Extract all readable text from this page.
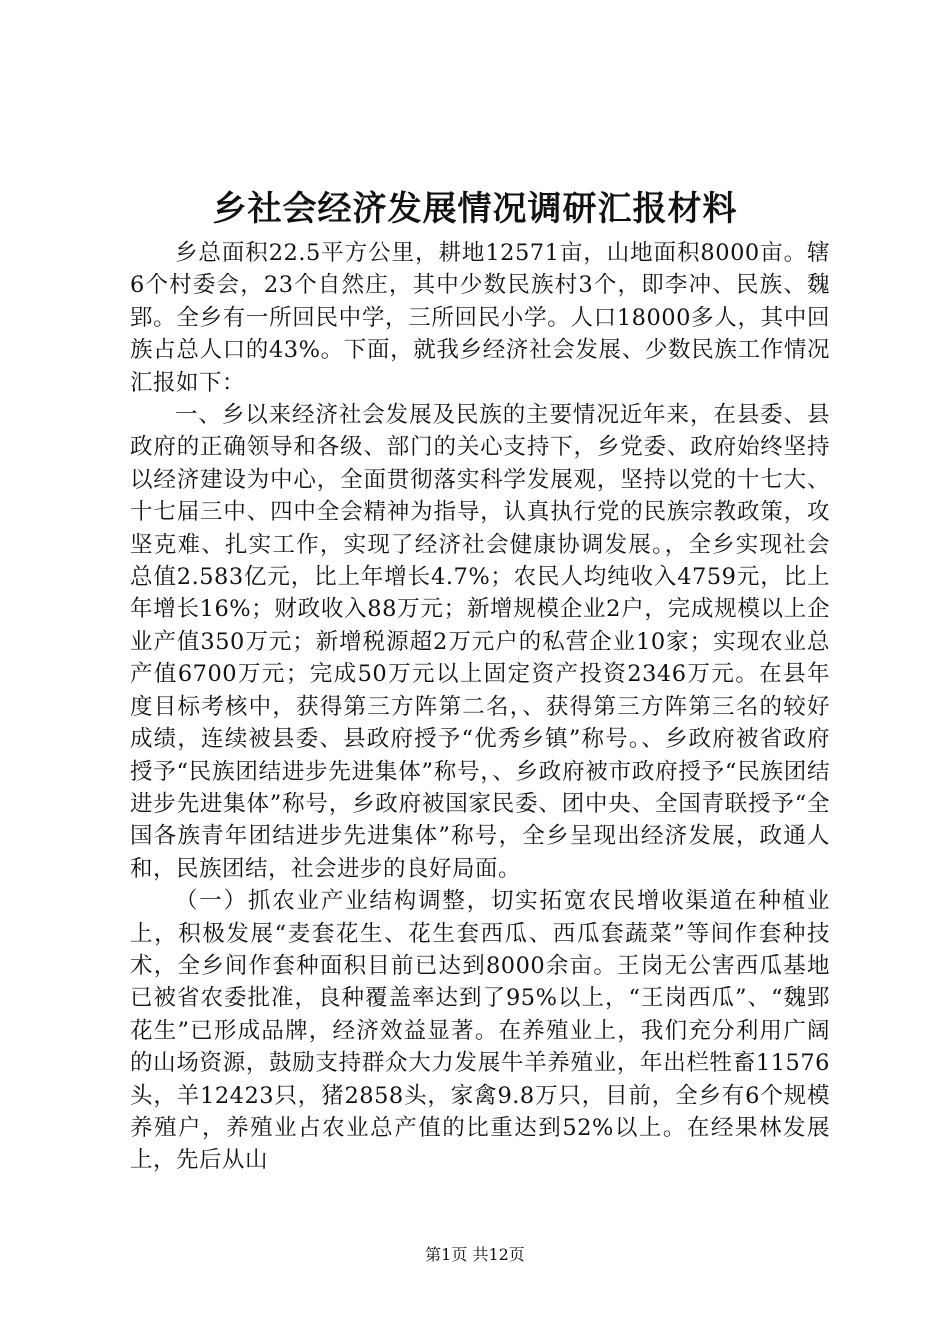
乡社会经济发展情况调研汇报材料

乡总面积22.5平方公里，耕地12571亩，山地面积8000亩。辖6个村委会，23个自然庄，其中少数民族村3个，即李冲、民族、魏郢。全乡有一所回民中学，三所回民小学。人口18000多人，其中回族占总人口的43%。下面，就我乡经济社会发展、少数民族工作情况汇报如下：

一、乡以来经济社会发展及民族的主要情况近年来，在县委、县政府的正确领导和各级、部门的关心支持下，乡党委、政府始终坚持以经济建设为中心，全面贯彻落实科学发展观，坚持以党的十七大、十七届三中、四中全会精神为指导，认真执行党的民族宗教政策，攻坚克难、扎实工作，实现了经济社会健康协调发展。，全乡实现社会总值2.583亿元，比上年增长4.7%；农民人均纯收入4759元，比上年增长16%；财政收入88万元；新增规模企业2户，完成规模以上企业产值350万元；新增税源超2万元户的私营企业10家；实现农业总产值6700万元；完成50万元以上固定资产投资2346万元。在县年度目标考核中，获得第三方阵第二名，、获得第三方阵第三名的较好成绩，连续被县委、县政府授予“优秀乡镇”称号。、乡政府被省政府授予“民族团结进步先进集体”称号，、乡政府被市政府授予“民族团结进步先进集体”称号，乡政府被国家民委、团中央、全国青联授予“全国各族青年团结进步先进集体”称号，全乡呈现出经济发展，政通人和，民族团结，社会进步的良好局面。

（一）抓农业产业结构调整，切实拓宽农民增收渠道在种植业上，积极发展“麦套花生、花生套西瓜、西瓜套蔬菜”等间作套种技术，全乡间作套种面积目前已达到8000余亩。王岗无公害西瓜基地已被省农委批准，良种覆盖率达到了95%以上，“王岗西瓜”、“魏郢花生”已形成品牌，经济效益显著。在养殖业上，我们充分利用广阔的山场资源，鼓励支持群众大力发展牛羊养殖业，年出栏牲畜11576头，羊12423只，猪2858头，家禽9.8万只，目前，全乡有6个规模养殖户，养殖业占农业总产值的比重达到52%以上。在经果林发展上，先后从山

第1页 共12页
